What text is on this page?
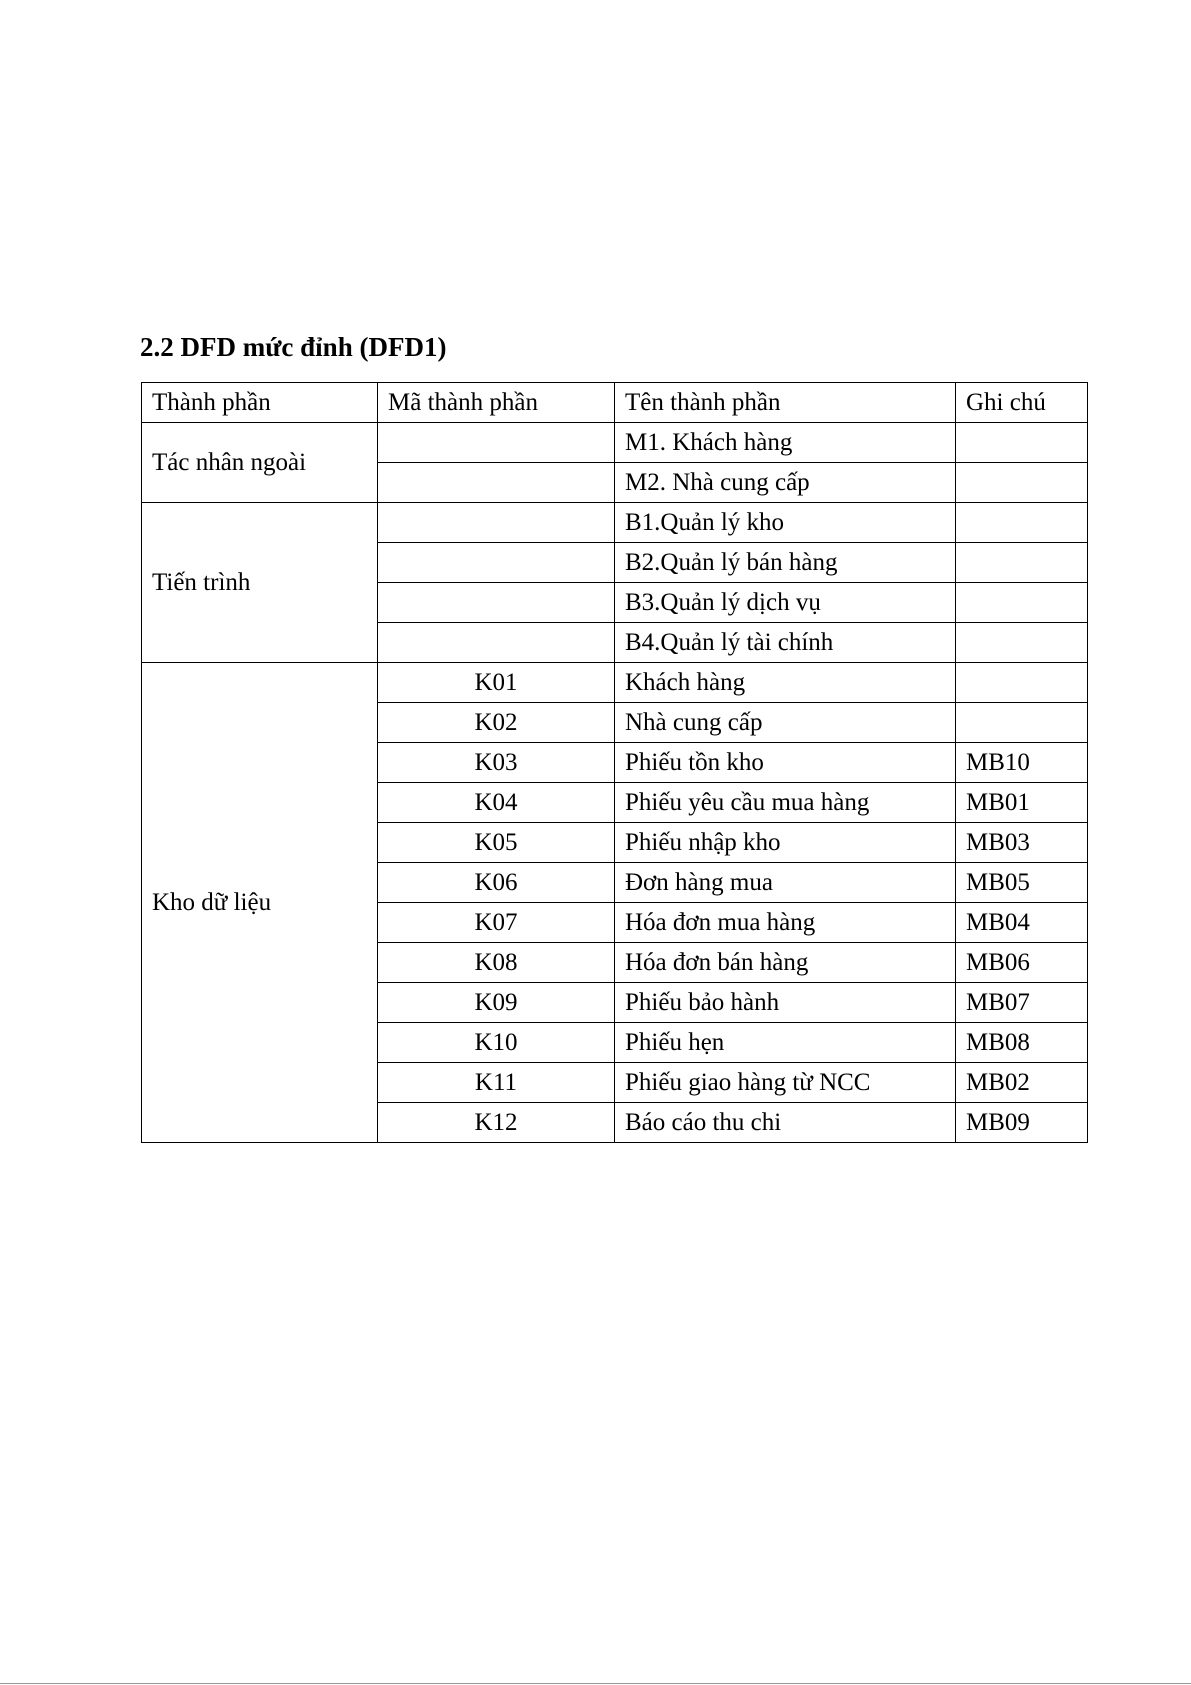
2.2 DFD mức đỉnh (DFD1)
Thành phần	Mã thành phần	Tên thành phần	Ghi chú
Tác nhân ngoài		M1. Khách hàng	
		M2. Nhà cung cấp	
Tiến trình		B1.Quản lý kho	
		B2.Quản lý bán hàng	
		B3.Quản lý dịch vụ	
		B4.Quản lý tài chính	
Kho dữ liệu	K01	Khách hàng	
	K02	Nhà cung cấp	
	K03	Phiếu tồn kho	MB10
	K04	Phiếu yêu cầu mua hàng	MB01
	K05	Phiếu nhập kho	MB03
	K06	Đơn hàng mua	MB05
	K07	Hóa đơn mua hàng	MB04
	K08	Hóa đơn bán hàng	MB06
	K09	Phiếu bảo hành	MB07
	K10	Phiếu hẹn	MB08
	K11	Phiếu giao hàng từ NCC	MB02
	K12	Báo cáo thu chi	MB09
